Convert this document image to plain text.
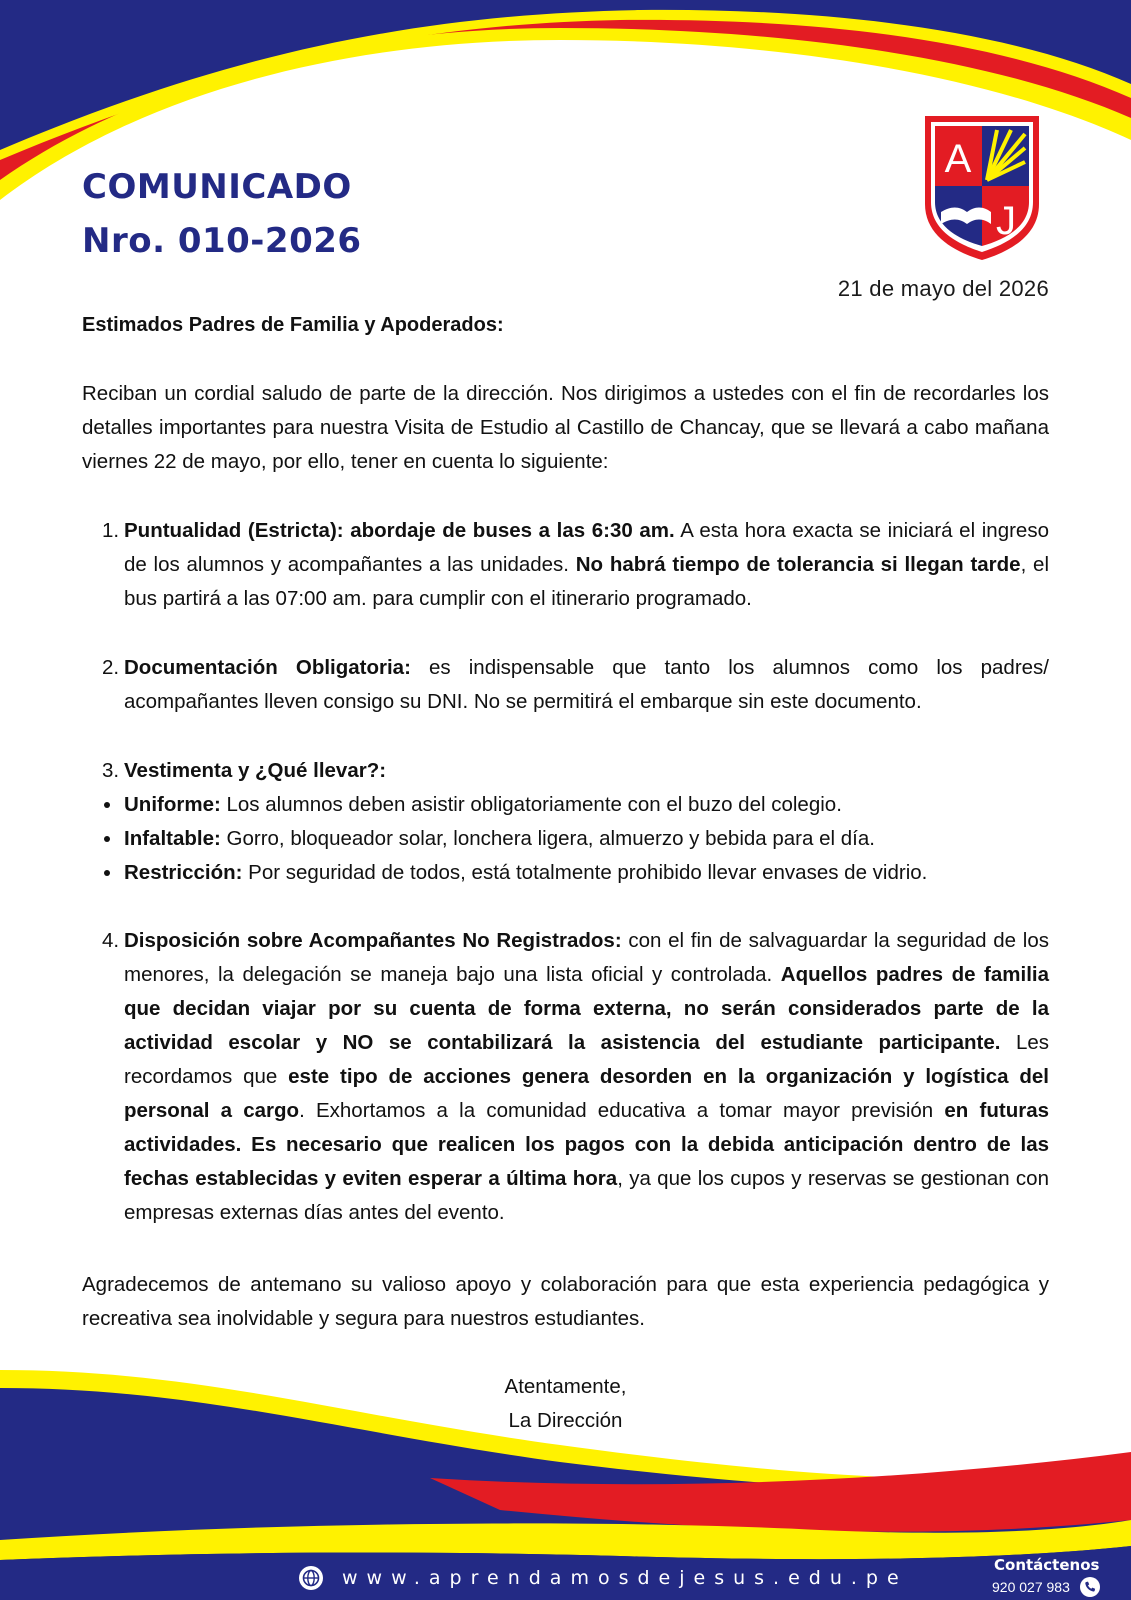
COMUNICADO
Nro. 010-2026
A
J

21 de mayo del 2026

Estimados Padres de Familia y Apoderados:

Reciban un cordial saludo de parte de la dirección. Nos dirigimos a ustedes con el fin de recordarles los detalles importantes para nuestra Visita de Estudio al Castillo de Chancay, que se llevará a cabo mañana viernes 22 de mayo, por ello, tener en cuenta lo siguiente:

1. Puntualidad (Estricta): abordaje de buses a las 6:30 am. A esta hora exacta se iniciará el ingreso de los alumnos y acompañantes a las unidades. No habrá tiempo de tolerancia si llegan tarde, el bus partirá a las 07:00 am. para cumplir con el itinerario programado.

2. Documentación Obligatoria: es indispensable que tanto los alumnos como los padres/ acompañantes lleven consigo su DNI. No se permitirá el embarque sin este documento.

3. Vestimenta y ¿Qué llevar?:

Uniforme: Los alumnos deben asistir obligatoriamente con el buzo del colegio.
Infaltable: Gorro, bloqueador solar, lonchera ligera, almuerzo y bebida para el día.
Restricción: Por seguridad de todos, está totalmente prohibido llevar envases de vidrio.
4. Disposición sobre Acompañantes No Registrados: con el fin de salvaguardar la seguridad de los menores, la delegación se maneja bajo una lista oficial y controlada. Aquellos padres de familia que decidan viajar por su cuenta de forma externa, no serán considerados parte de la actividad escolar y NO se contabilizará la asistencia del estudiante participante. Les recordamos que este tipo de acciones genera desorden en la organización y logística del personal a cargo. Exhortamos a la comunidad educativa a tomar mayor previsión en futuras actividades. Es necesario que realicen los pagos con la debida anticipación dentro de las fechas establecidas y eviten esperar a última hora, ya que los cupos y reservas se gestionan con empresas externas días antes del evento.

Agradecemos de antemano su valioso apoyo y colaboración para que esta experiencia pedagógica y recreativa sea inolvidable y segura para nuestros estudiantes.

Atentamente,
La Dirección

www.aprendamosdejesus.edu.pe
Contáctenos
920 027 983
